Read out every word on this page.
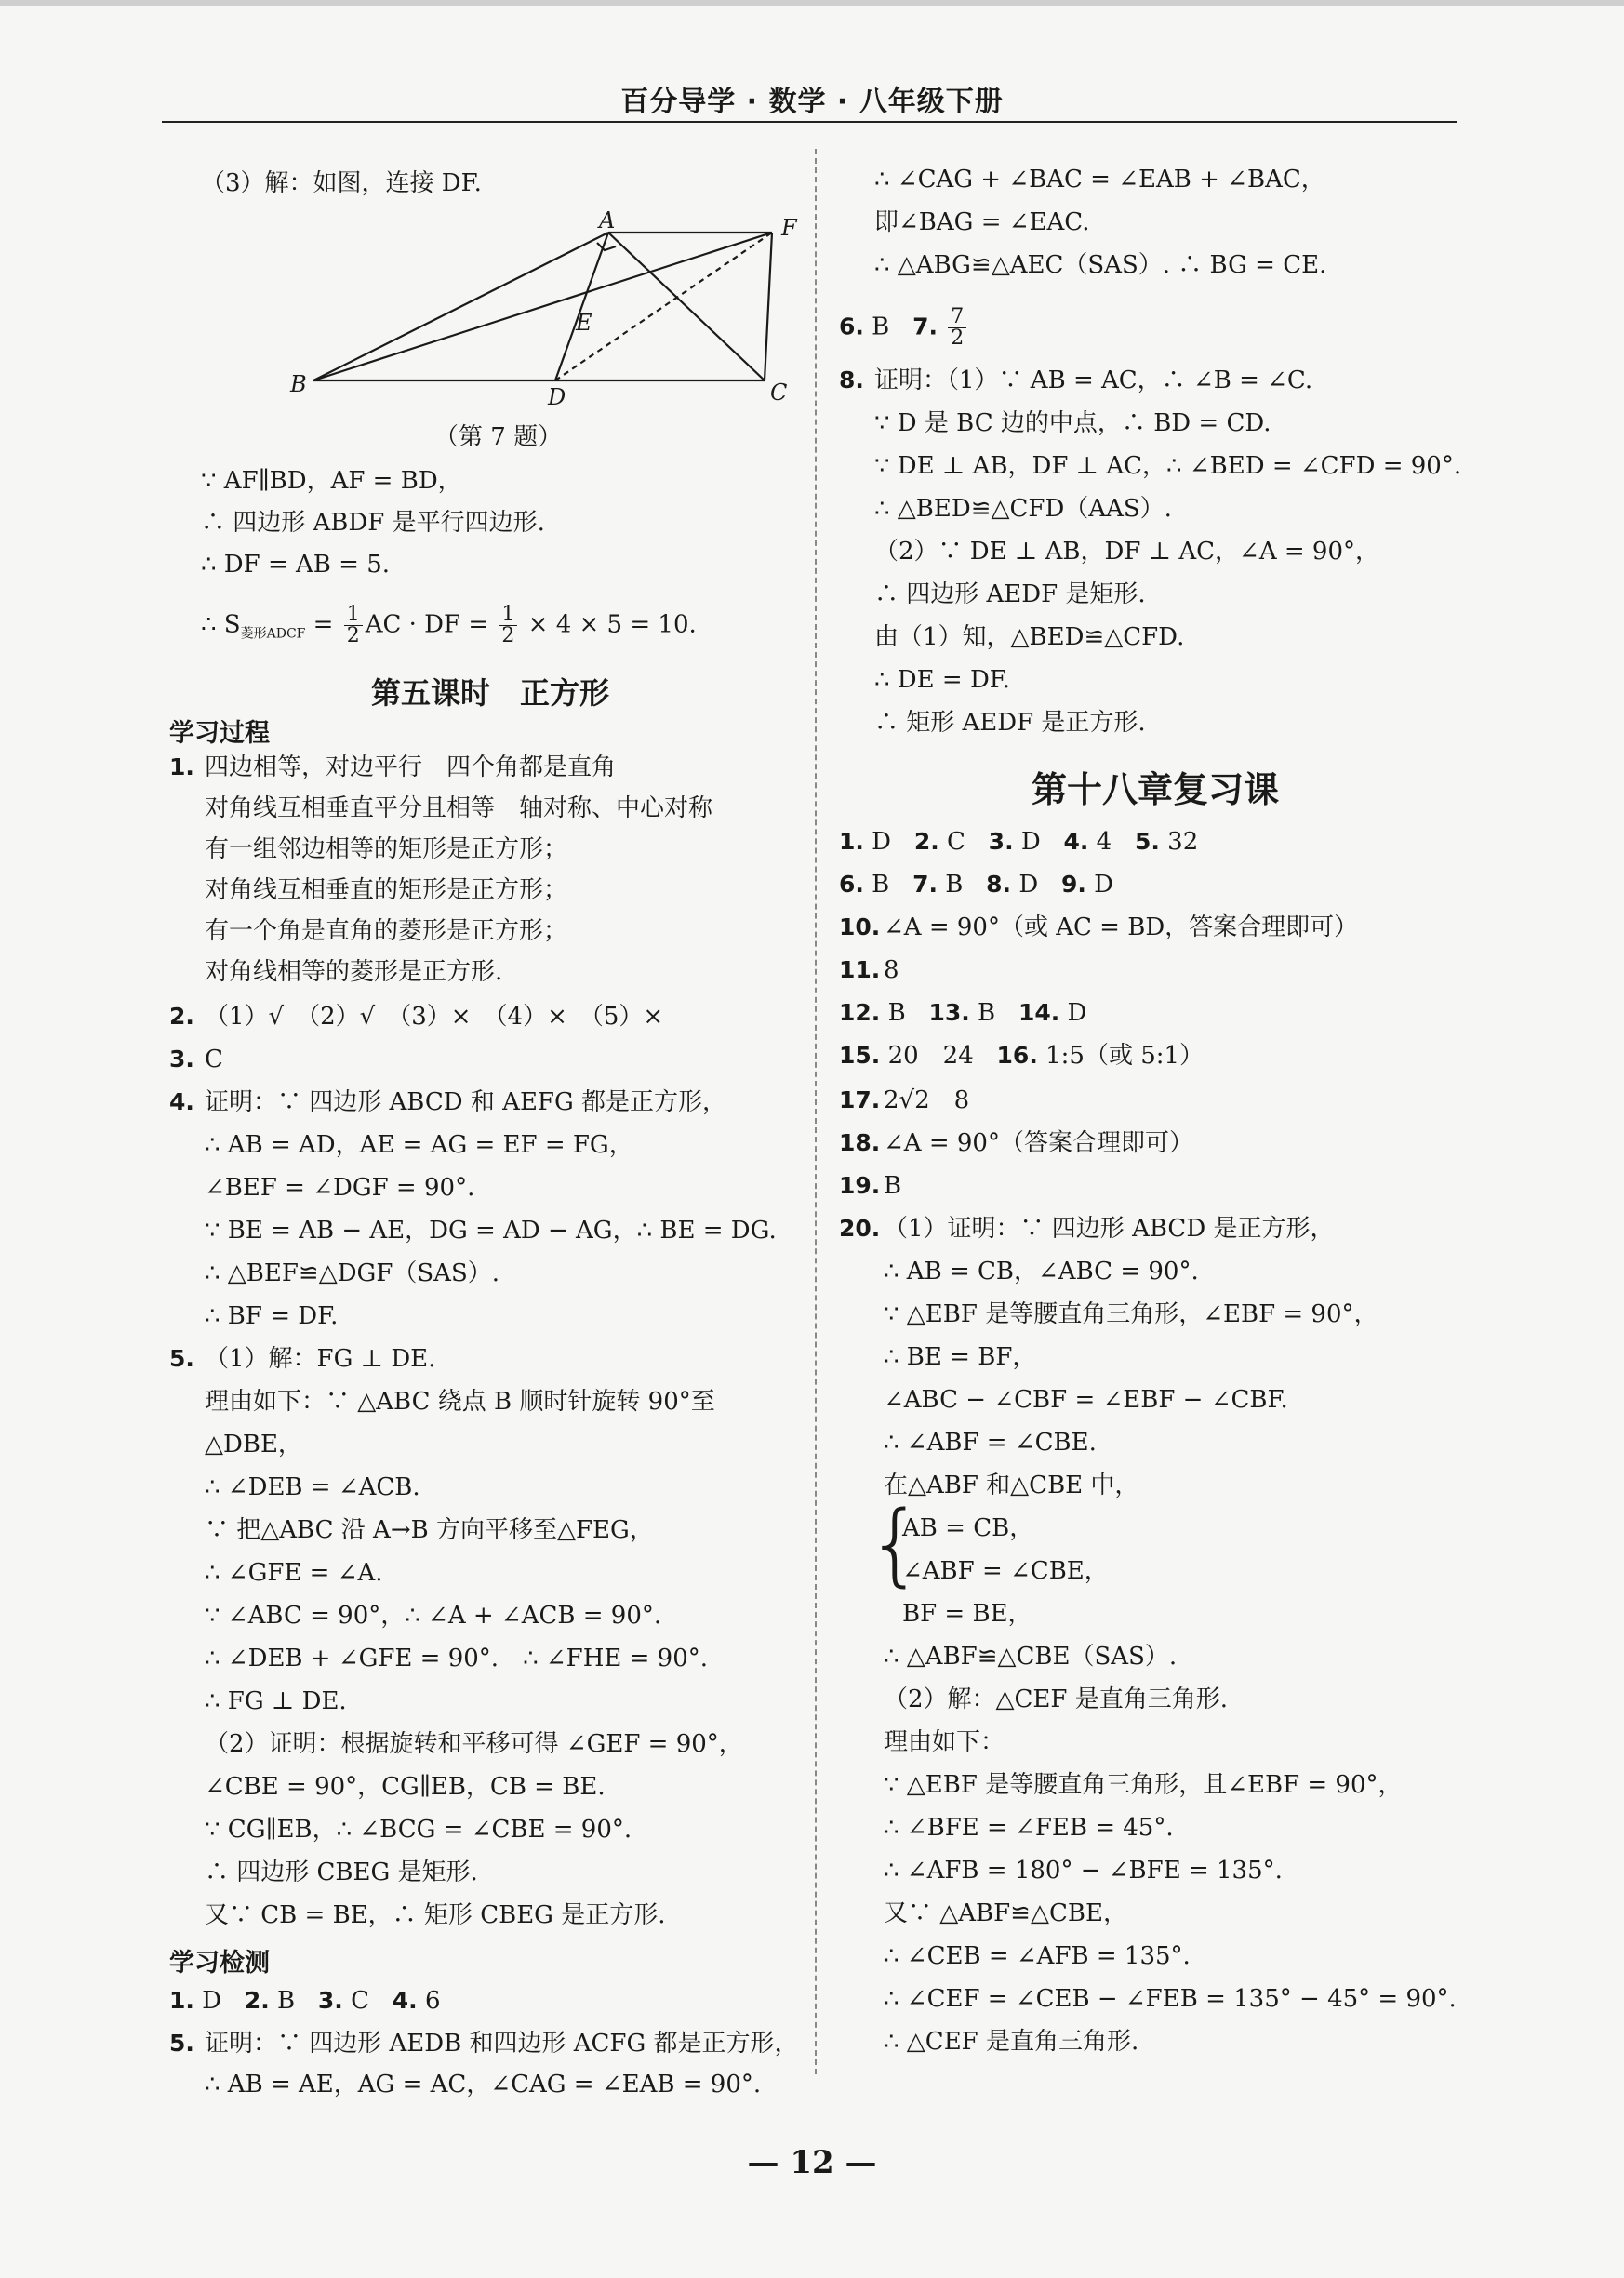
百分导学 · 数学 · 八年级下册
（3）解：如图，连接 DF.
A
B	C
D
E
F
（第 7 题）
∵ AF∥BD，AF = BD，
∴ 四边形 ABDF 是平行四边形.
∴ DF = AB = 5.
∴ $S_{菱形ADCF} = \frac{1}{2}$ AC · DF = $\frac{1}{2} \times 4 \times 5 = 10$.
第五课时　正方形
学习过程
1. 四边相等，对边平行　四个角都是直角
对角线互相垂直平分且相等　轴对称、中心对称
有一组邻边相等的矩形是正方形；
对角线互相垂直的矩形是正方形；
有一个角是直角的菱形是正方形；
对角线相等的菱形是正方形.
2. （1）√　（2）√　（3）×　（4）×　（5）×
3. C
4. 证明：∵ 四边形 ABCD 和 AEFG 都是正方形，
∴ AB = AD，AE = AG = EF = FG，
∠BEF = ∠DGF = 90°.
∵ BE = AB − AE，DG = AD − AG，∴ BE = DG.
∴ △BEF≌△DGF（SAS）.
∴ BF = DF.
5. （1）解：FG ⊥ DE.
理由如下：∵ △ABC 绕点 B 顺时针旋转 90°至
△DBE，
∴ ∠DEB = ∠ACB.
∵ 把△ABC 沿 A→B 方向平移至△FEG，
∴ ∠GFE = ∠A.
∵ ∠ABC = 90°，∴ ∠A + ∠ACB = 90°.
∴ ∠DEB + ∠GFE = 90°.　∴ ∠FHE = 90°.
∴ FG ⊥ DE.
（2）证明：根据旋转和平移可得 ∠GEF = 90°，
∠CBE = 90°，CG∥EB，CB = BE.
∵ CG∥EB，∴ ∠BCG = ∠CBE = 90°.
∴ 四边形 CBEG 是矩形.
又∵ CB = BE，∴ 矩形 CBEG 是正方形.
学习检测
1. D 2. B 3. C 4. 6
5. 证明：∵ 四边形 AEDB 和四边形 ACFG 都是正方形，
∴ AB = AE，AG = AC，∠CAG = ∠EAB = 90°.
∴ ∠CAG + ∠BAC = ∠EAB + ∠BAC，
即∠BAG = ∠EAC.
∴ △ABG≌△AEC（SAS）. ∴ BG = CE.
6. B 7. $\frac{7}{2}$
8. 证明：（1）∵ AB = AC，∴ ∠B = ∠C.
∵ D 是 BC 边的中点，∴ BD = CD.
∵ DE ⊥ AB，DF ⊥ AC，∴ ∠BED = ∠CFD = 90°.
∴ △BED≌△CFD（AAS）.
（2）∵ DE ⊥ AB，DF ⊥ AC，∠A = 90°，
∴ 四边形 AEDF 是矩形.
由（1）知，△BED≌△CFD.
∴ DE = DF.
∴ 矩形 AEDF 是正方形.
第十八章复习课
1. D   2. C   3. D   4. 4   5. 32
6. B   7. B   8. D   9. D
10. ∠A = 90°（或 AC = BD，答案合理即可）
11. 8
12. B 13. B 14. D
15. 20　24 16. 1:5（或 5:1）
17. 2√2　8
18. ∠A = 90°（答案合理即可）
19. B
20. （1）证明：∵ 四边形 ABCD 是正方形，
∴ AB = CB，∠ABC = 90°.
∵ △EBF 是等腰直角三角形，∠EBF = 90°，
∴ BE = BF，
∠ABC − ∠CBF = ∠EBF − ∠CBF.
∴ ∠ABF = ∠CBE.
在△ABF 和△CBE 中，
{
AB = CB，
∠ABF = ∠CBE，
BF = BE，
∴ △ABF≌△CBE（SAS）.
（2）解：△CEF 是直角三角形.
理由如下：
∵ △EBF 是等腰直角三角形，且∠EBF = 90°，
∴ ∠BFE = ∠FEB = 45°.
∴ ∠AFB = 180° − ∠BFE = 135°.
又∵ △ABF≌△CBE，
∴ ∠CEB = ∠AFB = 135°.
∴ ∠CEF = ∠CEB − ∠FEB = 135° − 45° = 90°.
∴ △CEF 是直角三角形.
— 12 —
